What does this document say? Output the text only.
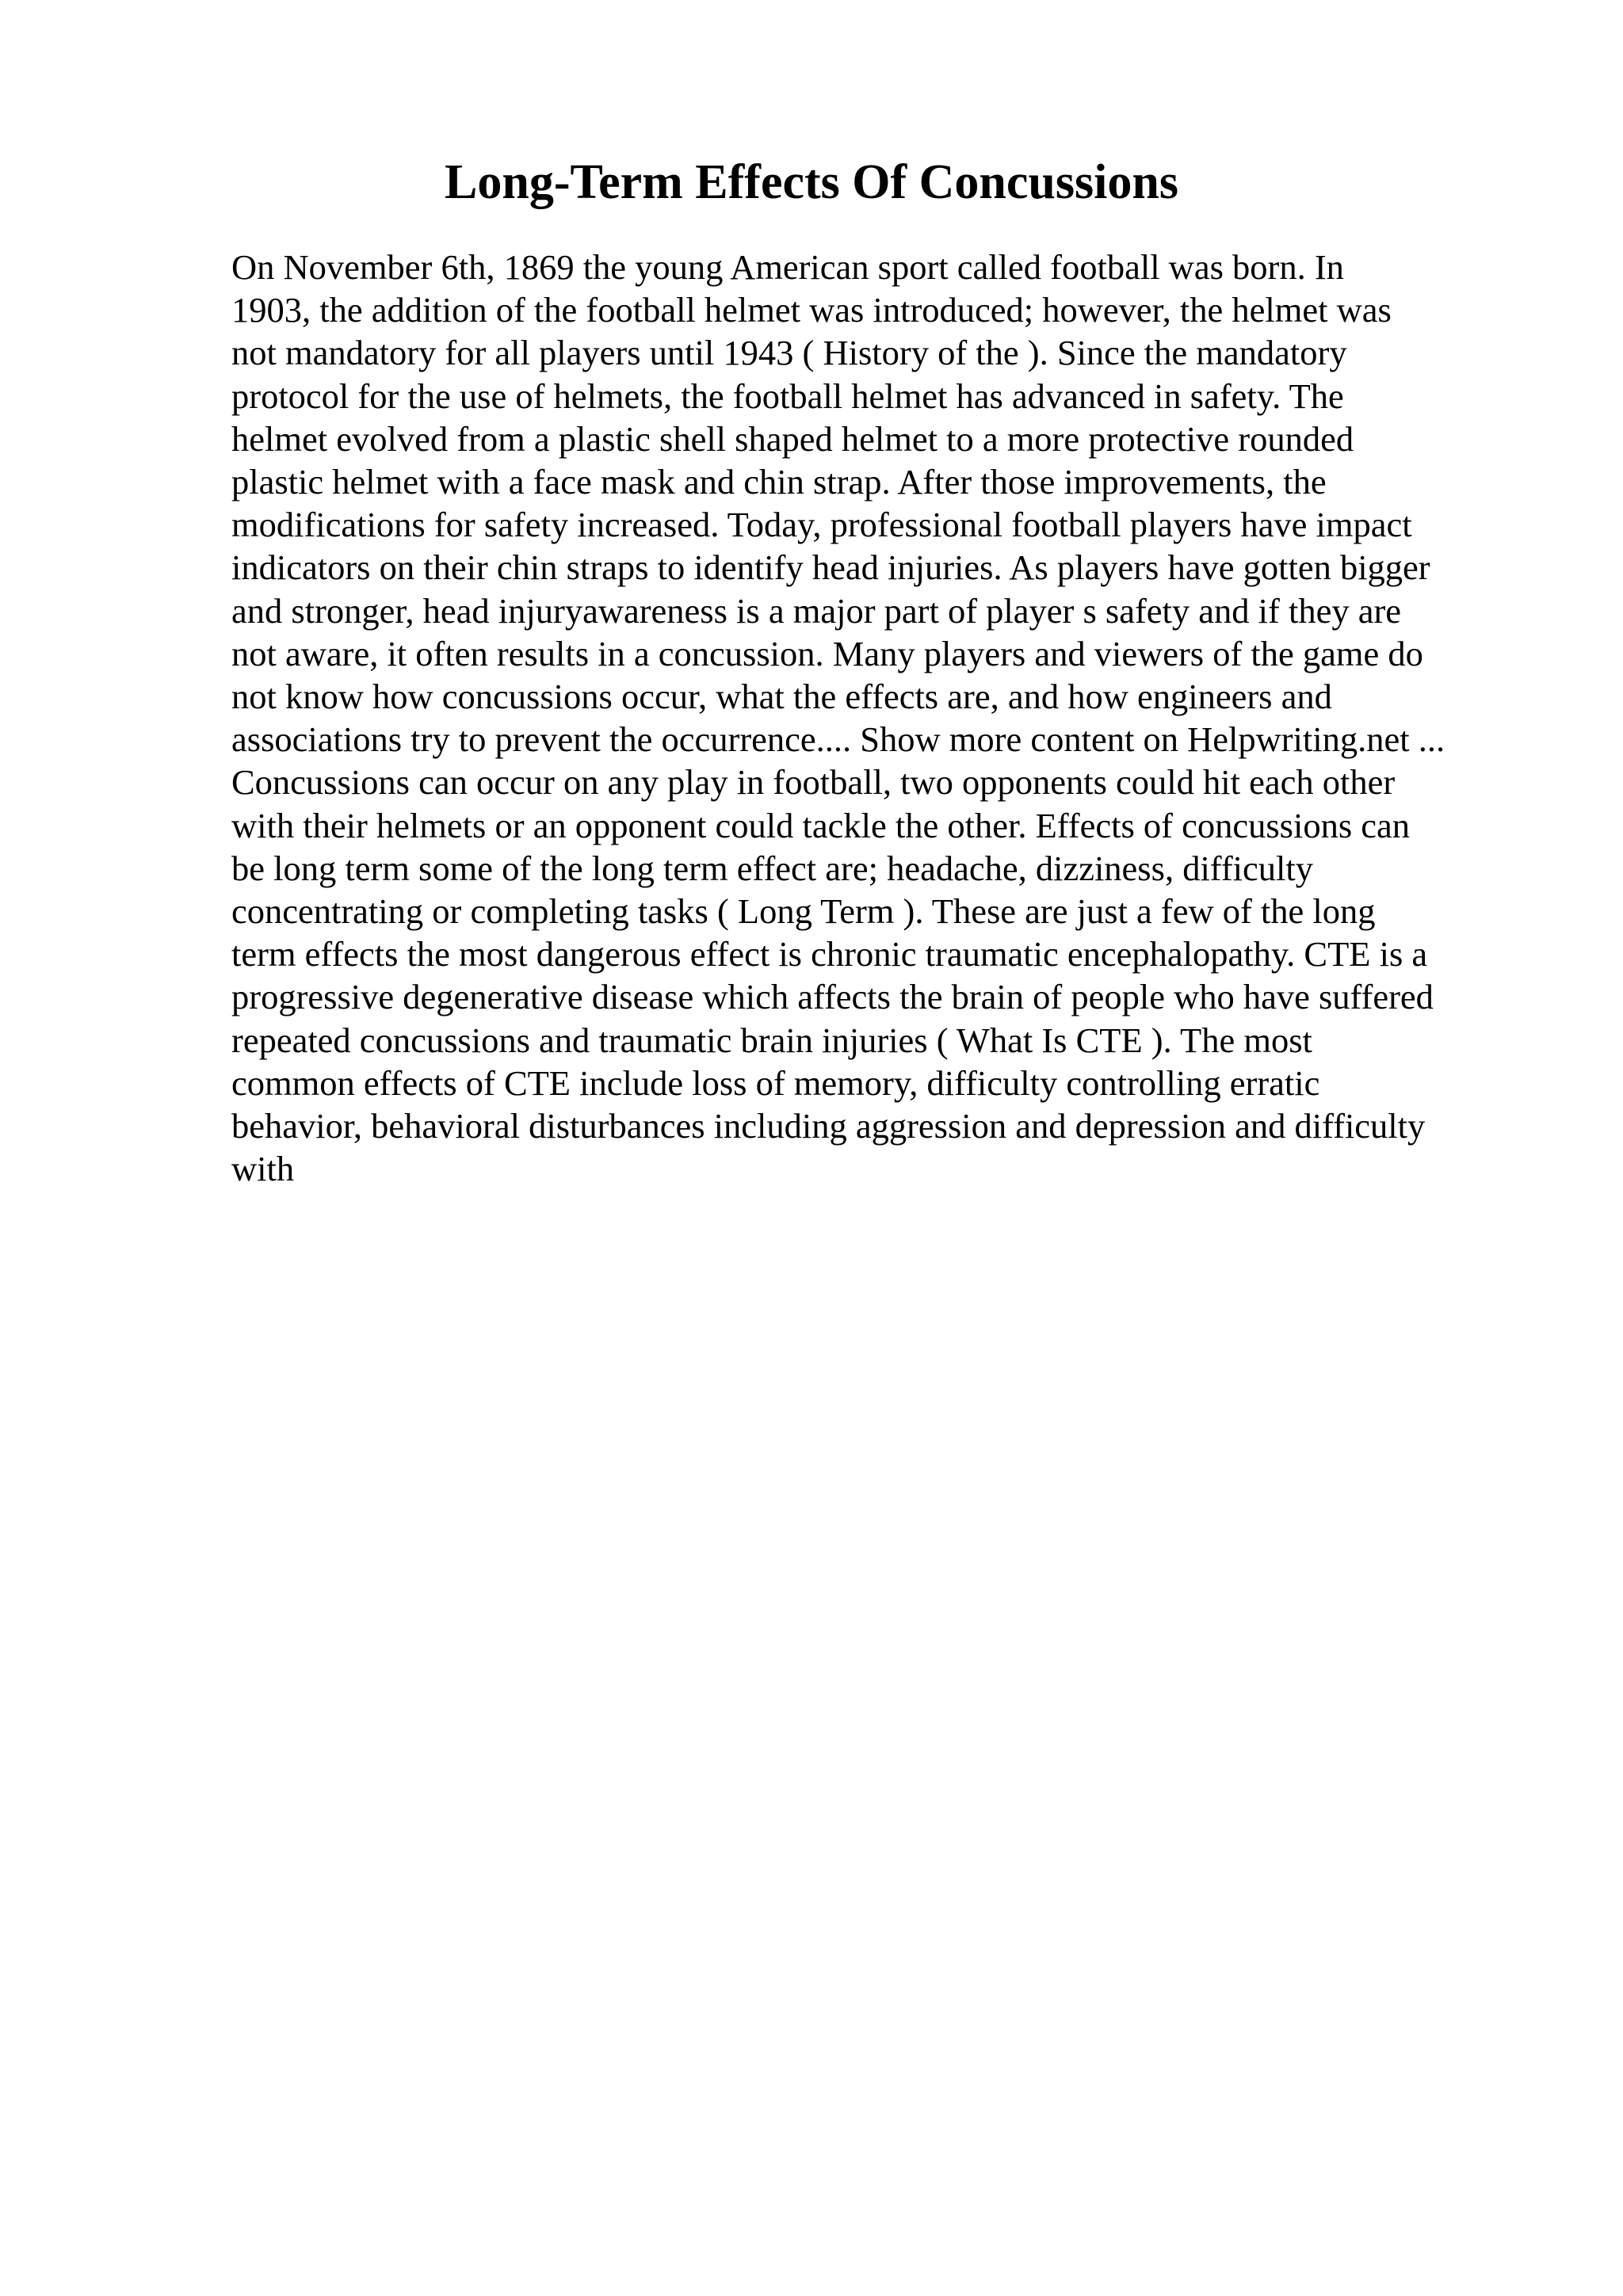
Long-Term Effects Of Concussions
On November 6th, 1869 the young American sport called football was born. In
1903, the addition of the football helmet was introduced; however, the helmet was
not mandatory for all players until 1943 ( History of the ). Since the mandatory
protocol for the use of helmets, the football helmet has advanced in safety. The
helmet evolved from a plastic shell shaped helmet to a more protective rounded
plastic helmet with a face mask and chin strap. After those improvements, the
modifications for safety increased. Today, professional football players have impact
indicators on their chin straps to identify head injuries. As players have gotten bigger
and stronger, head injuryawareness is a major part of player s safety and if they are
not aware, it often results in a concussion. Many players and viewers of the game do
not know how concussions occur, what the effects are, and how engineers and
associations try to prevent the occurrence.... Show more content on Helpwriting.net ...
Concussions can occur on any play in football, two opponents could hit each other
with their helmets or an opponent could tackle the other. Effects of concussions can
be long term some of the long term effect are; headache, dizziness, difficulty
concentrating or completing tasks ( Long Term ). These are just a few of the long
term effects the most dangerous effect is chronic traumatic encephalopathy. CTE is a
progressive degenerative disease which affects the brain of people who have suffered
repeated concussions and traumatic brain injuries ( What Is CTE ). The most
common effects of CTE include loss of memory, difficulty controlling erratic
behavior, behavioral disturbances including aggression and depression and difficulty
with
